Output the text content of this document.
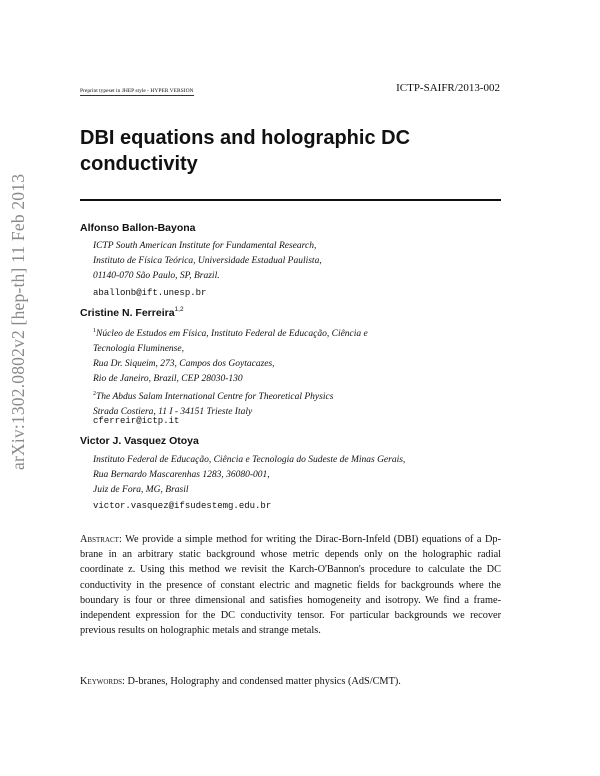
arXiv:1302.0802v2 [hep-th] 11 Feb 2013
Preprint typeset in JHEP style - HYPER VERSION	ICTP-SAIFR/2013-002
DBI equations and holographic DC conductivity
Alfonso Ballon-Bayona
ICTP South American Institute for Fundamental Research,
Instituto de Física Teórica, Universidade Estadual Paulista,
01140-070 São Paulo, SP, Brazil.
aballonb@ift.unesp.br
Cristine N. Ferreira$^{1,2}$
$^1$Núcleo de Estudos em Física, Instituto Federal de Educação, Ciência e
Tecnologia Fluminense,
Rua Dr. Siqueim, 273, Campos dos Goytacazes,
Rio de Janeiro, Brazil, CEP 28030-130
$^2$The Abdus Salam International Centre for Theoretical Physics
Strada Costiera, 11 I - 34151 Trieste Italy
cferreir@ictp.it
Victor J. Vasquez Otoya
Instituto Federal de Educação, Ciência e Tecnologia do Sudeste de Minas Gerais,
Rua Bernardo Mascarenhas 1283, 36080-001,
Juiz de Fora, MG, Brasil
victor.vasquez@ifsudestemg.edu.br
Abstract: We provide a simple method for writing the Dirac-Born-Infeld (DBI) equations of a Dp-brane in an arbitrary static background whose metric depends only on the holographic radial coordinate z. Using this method we revisit the Karch-O'Bannon's procedure to calculate the DC conductivity in the presence of constant electric and magnetic fields for backgrounds where the boundary is four or three dimensional and satisfies homogeneity and isotropy. We find a frame-independent expression for the DC conductivity tensor. For particular backgrounds we recover previous results on holographic metals and strange metals.
Keywords: D-branes, Holography and condensed matter physics (AdS/CMT).
